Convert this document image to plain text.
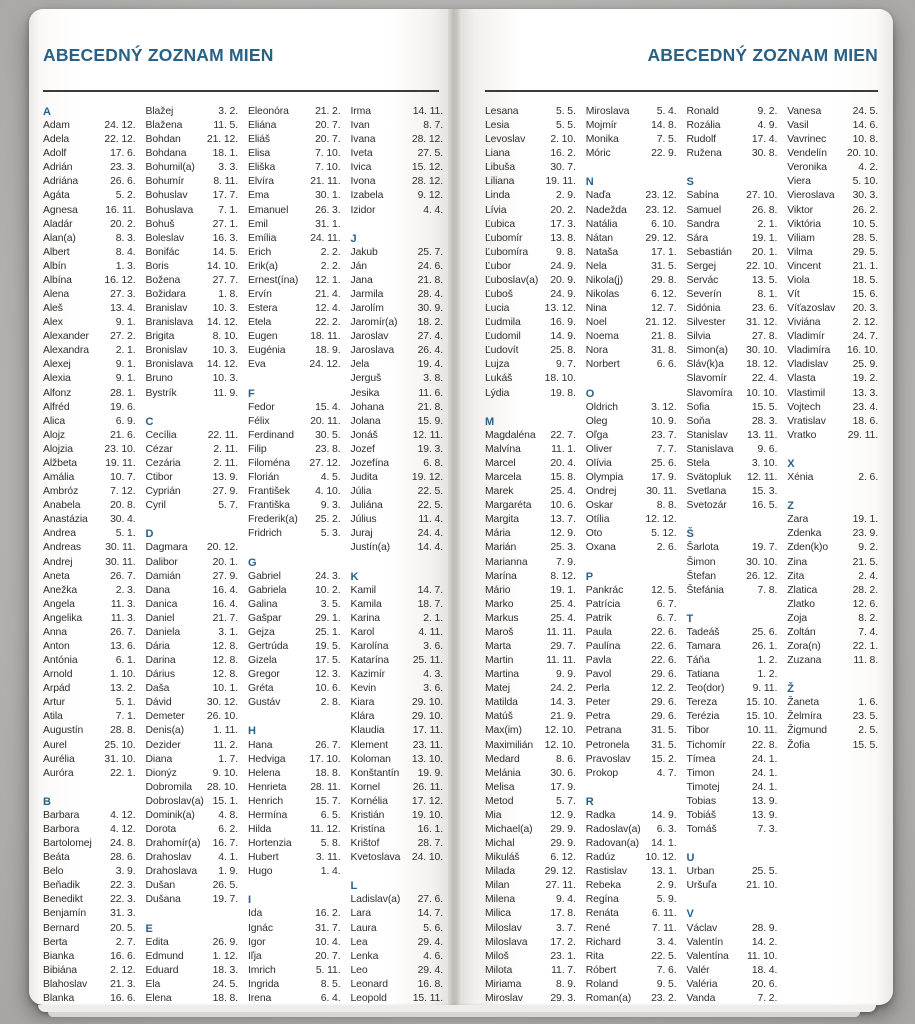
ABECEDNÝ ZOZNAM MIEN
A
Adam	24. 12.
Adela	22. 12.
Adolf	17. 6.
Adrián	23. 3.
Adriána	26. 6.
Agáta	5. 2.
Agnesa	16. 11.
Aladár	20. 2.
Alan(a)	8. 3.
Albert	8. 4.
Albín	1. 3.
Albína	16. 12.
Alena	27. 3.
Aleš	13. 4.
Alex	9. 1.
Alexander	27. 2.
Alexandra	2. 1.
Alexej	9. 1.
Alexia	9. 1.
Alfonz	28. 1.
Alfréd	19. 6.
Alica	6. 9.
Alojz	21. 6.
Alojzia	23. 10.
Alžbeta	19. 11.
Amália	10. 7.
Ambróz	7. 12.
Anabela	20. 8.
Anastázia	30. 4.
Andrea	5. 1.
Andreas	30. 11.
Andrej	30. 11.
Aneta	26. 7.
Anežka	2. 3.
Angela	11. 3.
Angelika	11. 3.
Anna	26. 7.
Anton	13. 6.
Antónia	6. 1.
Arnold	1. 10.
Arpád	13. 2.
Artur	5. 1.
Atila	7. 1.
Augustín	28. 8.
Aurel	25. 10.
Aurélia	31. 10.
Auróra	22. 1.
B
Barbara	4. 12.
Barbora	4. 12.
Bartolomej	24. 8.
Beáta	28. 6.
Belo	3. 9.
Beňadik	22. 3.
Benedikt	22. 3.
Benjamín	31. 3.
Bernard	20. 5.
Berta	2. 7.
Bianka	16. 6.
Bibiána	2. 12.
Blahoslav	21. 3.
Blanka	16. 6.
Blažej	3. 2.
Blažena	11. 5.
Bohdan	21. 12.
Bohdana	18. 1.
Bohumil(a)	3. 3.
Bohumír	8. 11.
Bohuslav	17. 7.
Bohuslava	7. 1.
Bohuš	27. 1.
Boleslav	16. 3.
Bonifác	14. 5.
Boris	14. 10.
Božena	27. 7.
Božidara	1. 8.
Branislav	10. 3.
Branislava	14. 12.
Brigita	8. 10.
Bronislav	10. 3.
Bronislava	14. 12.
Bruno	10. 3.
Bystrík	11. 9.
C
Cecília	22. 11.
Cézar	2. 11.
Cezária	2. 11.
Ctibor	13. 9.
Cyprián	27. 9.
Cyril	5. 7.
D
Dagmara	20. 12.
Dalibor	20. 1.
Damián	27. 9.
Dana	16. 4.
Danica	16. 4.
Daniel	21. 7.
Daniela	3. 1.
Dária	12. 8.
Darina	12. 8.
Dárius	12. 8.
Daša	10. 1.
Dávid	30. 12.
Demeter	26. 10.
Denis(a)	1. 11.
Dezider	11. 2.
Diana	1. 7.
Dionýz	9. 10.
Dobromila	28. 10.
Dobroslav(a) 15. 1.
Dominik(a)	4. 8.
Dorota	6. 2.
Drahomír(a)	16. 7.
Drahoslav	4. 1.
Drahoslava	1. 9.
Dušan	26. 5.
Dušana	19. 7.
E
Edita	26. 9.
Edmund	1. 12.
Eduard	18. 3.
Ela	24. 5.
Elena	18. 8.
Eleonóra	21. 2.
Eliána	20. 7.
Eliáš	20. 7.
Elisa	7. 10.
Eliška	7. 10.
Elvíra	21. 11.
Ema	30. 1.
Emanuel	26. 3.
Emil	31. 1.
Emília	24. 11.
Erich	2. 2.
Erik(a)	2. 2.
Ernest(ína)	12. 1.
Ervín	21. 4.
Estera	12. 4.
Etela	22. 2.
Eugen	18. 11.
Eugénia	18. 9.
Eva	24. 12.
F
Fedor	15. 4.
Félix	20. 11.
Ferdinand	30. 5.
Filip	23. 8.
Filoména	27. 12.
Florián	4. 5.
František	4. 10.
Františka	9. 3.
Frederik(a)	25. 2.
Fridrich	5. 3.
G
Gabriel	24. 3.
Gabriela	10. 2.
Galina	3. 5.
Gašpar	29. 1.
Gejza	25. 1.
Gertrúda	19. 5.
Gizela	17. 5.
Gregor	12. 3.
Gréta	10. 6.
Gustáv	2. 8.
H
Hana	26. 7.
Hedviga	17. 10.
Helena	18. 8.
Henrieta	28. 11.
Henrich	15. 7.
Hermína	6. 5.
Hilda	11. 12.
Hortenzia	5. 8.
Hubert	3. 11.
Hugo	1. 4.
I
Ida	16. 2.
Ignác	31. 7.
Igor	10. 4.
Iľja	20. 7.
Imrich	5. 11.
Ingrida	8. 5.
Irena	6. 4.
Irma	14. 11.
Ivan	8. 7.
Ivana	28. 12.
Iveta	27. 5.
Ivica	15. 12.
Ivona	28. 12.
Izabela	9. 12.
Izidor	4. 4.
J
Jakub	25. 7.
Ján	24. 6.
Jana	21. 8.
Jarmila	28. 4.
Jarolím	30. 9.
Jaromír(a)	18. 2.
Jaroslav	27. 4.
Jaroslava	26. 4.
Jela	19. 4.
Jerguš	3. 8.
Jesika	11. 6.
Johana	21. 8.
Jolana	15. 9.
Jonáš	12. 11.
Jozef	19. 3.
Jozefína	6. 8.
Judita	19. 12.
Júlia	22. 5.
Juliána	22. 5.
Július	11. 4.
Juraj	24. 4.
Justín(a)	14. 4.
K
Kamil	14. 7.
Kamila	18. 7.
Karina	2. 1.
Karol	4. 11.
Karolína	3. 6.
Katarína	25. 11.
Kazimír	4. 3.
Kevin	3. 6.
Kiara	29. 10.
Klára	29. 10.
Klaudia	17. 11.
Klement	23. 11.
Koloman	13. 10.
Konštantín	19. 9.
Kornel	26. 11.
Kornélia	17. 12.
Kristián	19. 10.
Kristína	16. 1.
Krištof	28. 7.
Kvetoslava	24. 10.
L
Ladislav(a)	27. 6.
Lara	14. 7.
Laura	5. 6.
Lea	29. 4.
Lenka	4. 6.
Leo	29. 4.
Leonard	16. 8.
Leopold	15. 11.
ABECEDNÝ ZOZNAM MIEN
Lesana	5. 5.
Lesia	5. 5.
Levoslav	2. 10.
Liana	16. 2.
Libuša	30. 7.
Liliana	19. 11.
Linda	2. 9.
Lívia	20. 2.
Ľubica	17. 3.
Ľubomír	13. 8.
Ľubomíra	9. 8.
Ľubor	24. 9.
Ľuboslav(a)	20. 9.
Ľuboš	24. 9.
Lucia	13. 12.
Ľudmila	16. 9.
Ľudomil	14. 9.
Ľudovít	25. 8.
Lujza	9. 7.
Lukáš	18. 10.
Lýdia	19. 8.
M
Magdaléna	22. 7.
Malvína	11. 1.
Marcel	20. 4.
Marcela	15. 8.
Marek	25. 4.
Margaréta	10. 6.
Margita	13. 7.
Mária	12. 9.
Marián	25. 3.
Marianna	7. 9.
Marína	8. 12.
Mário	19. 1.
Marko	25. 4.
Markus	25. 4.
Maroš	11. 11.
Marta	29. 7.
Martin	11. 11.
Martina	9. 9.
Matej	24. 2.
Matilda	14. 3.
Matúš	21. 9.
Max(im)	12. 10.
Maximilián	12. 10.
Medard	8. 6.
Melánia	30. 6.
Melisa	17. 9.
Metod	5. 7.
Mia	12. 9.
Michael(a)	29. 9.
Michal	29. 9.
Mikuláš	6. 12.
Milada	29. 12.
Milan	27. 11.
Milena	9. 4.
Milica	17. 8.
Miloslav	3. 7.
Miloslava	17. 2.
Miloš	23. 1.
Milota	11. 7.
Miriama	8. 9.
Miroslav	29. 3.
Miroslava	5. 4.
Mojmír	14. 8.
Monika	7. 5.
Móric	22. 9.
N
Naďa	23. 12.
Nadežda	23. 12.
Natália	6. 10.
Nátan	29. 12.
Nataša	17. 1.
Nela	31. 5.
Nikola(j)	29. 8.
Nikolas	6. 12.
Nina	12. 7.
Noel	21. 12.
Noema	21. 8.
Nora	31. 8.
Norbert	6. 6.
O
Oldrich	3. 12.
Oleg	10. 9.
Oľga	23. 7.
Oliver	7. 7.
Olívia	25. 6.
Olympia	17. 9.
Ondrej	30. 11.
Oskar	8. 8.
Otília	12. 12.
Oto	5. 12.
Oxana	2. 6.
P
Pankrác	12. 5.
Patrícia	6. 7.
Patrik	6. 7.
Paula	22. 6.
Paulína	22. 6.
Pavla	22. 6.
Pavol	29. 6.
Perla	12. 2.
Peter	29. 6.
Petra	29. 6.
Petrana	31. 5.
Petronela	31. 5.
Pravoslav	15. 2.
Prokop	4. 7.
R
Radka	14. 9.
Radoslav(a)	6. 3.
Radovan(a)	14. 1.
Radúz	10. 12.
Rastislav	13. 1.
Rebeka	2. 9.
Regína	5. 9.
Renáta	6. 11.
René	7. 11.
Richard	3. 4.
Rita	22. 5.
Róbert	7. 6.
Roland	9. 5.
Roman(a)	23. 2.
Ronald	9. 2.
Rozália	4. 9.
Rudolf	17. 4.
Ružena	30. 8.
S
Sabína	27. 10.
Samuel	26. 8.
Sandra	2. 1.
Sára	19. 1.
Sebastián	20. 1.
Sergej	22. 10.
Servác	13. 5.
Severín	8. 1.
Sidónia	23. 6.
Silvester	31. 12.
Silvia	27. 8.
Simon(a)	30. 10.
Sláv(k)a	18. 12.
Slavomír	22. 4.
Slavomíra	10. 10.
Sofia	15. 5.
Soňa	28. 3.
Stanislav	13. 11.
Stanislava	9. 6.
Stela	3. 10.
Svätopluk	12. 11.
Svetlana	15. 3.
Svetozár	16. 5.
Š
Šarlota	19. 7.
Šimon	30. 10.
Štefan	26. 12.
Štefánia	7. 8.
T
Tadeáš	25. 6.
Tamara	26. 1.
Táňa	1. 2.
Tatiana	1. 2.
Teo(dor)	9. 11.
Tereza	15. 10.
Terézia	15. 10.
Tibor	10. 11.
Tichomír	22. 8.
Tímea	24. 1.
Timon	24. 1.
Timotej	24. 1.
Tobias	13. 9.
Tobiáš	13. 9.
Tomáš	7. 3.
U
Urban	25. 5.
Uršuľa	21. 10.
V
Václav	28. 9.
Valentín	14. 2.
Valentína	11. 10.
Valér	18. 4.
Valéria	20. 6.
Vanda	7. 2.
Vanesa	24. 5.
Vasil	14. 6.
Vavrinec	10. 8.
Vendelín	20. 10.
Veronika	4. 2.
Viera	5. 10.
Vieroslava	30. 3.
Viktor	26. 2.
Viktória	10. 5.
Viliam	28. 5.
Vilma	29. 5.
Vincent	21. 1.
Viola	18. 5.
Vít	15. 6.
Víťazoslav	20. 3.
Viviána	2. 12.
Vladimír	24. 7.
Vladimíra	16. 10.
Vladislav	25. 9.
Vlasta	19. 2.
Vlastimil	13. 3.
Vojtech	23. 4.
Vratislav	18. 6.
Vratko	29. 11.
X
Xénia	2. 6.
Z
Zara	19. 1.
Zdenka	23. 9.
Zden(k)o	9. 2.
Zina	21. 5.
Zita	2. 4.
Zlatica	28. 2.
Zlatko	12. 6.
Zoja	8. 2.
Zoltán	7. 4.
Zora(n)	22. 1.
Zuzana	11. 8.
Ž
Žaneta	1. 6.
Želmíra	23. 5.
Žigmund	2. 5.
Žofia	15. 5.
